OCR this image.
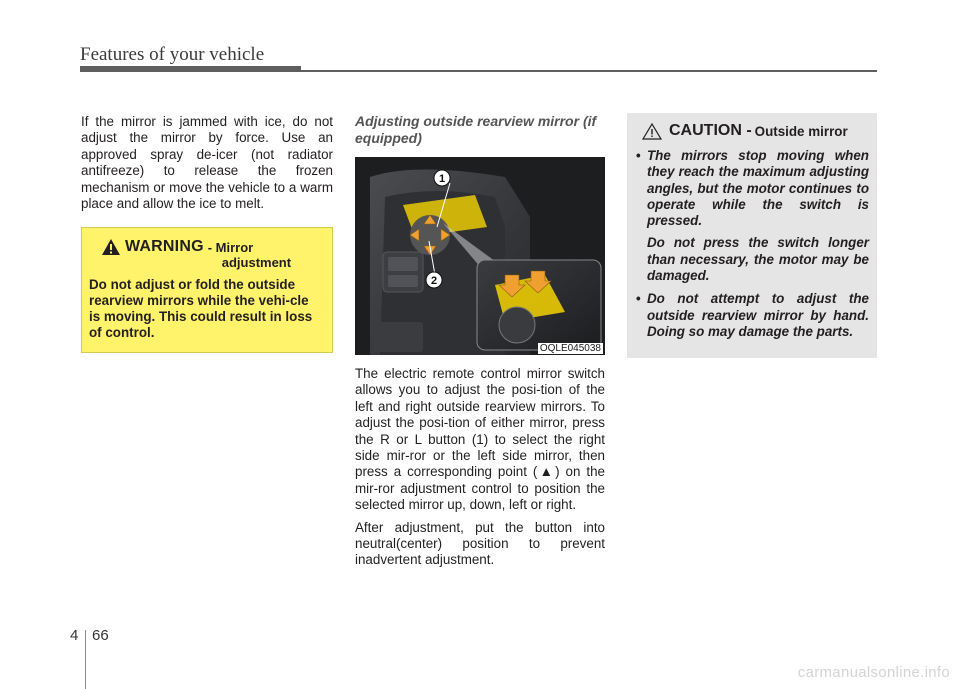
Features of your vehicle

If the mirror is jammed with ice, do not adjust the mirror by force. Use an approved spray de-icer (not radiator antifreeze) to release the frozen mechanism or move the vehicle to a warm place and allow the ice to melt.

WARNING - Mirror
adjustment
Do not adjust or fold the outside rearview mirrors while the vehi-cle is moving. This could result in loss of control.

Adjusting outside rearview mirror (if equipped)

1
2
OQLE045038

The electric remote control mirror switch allows you to adjust the posi-tion of the left and right outside rearview mirrors. To adjust the posi-tion of either mirror, press the R or L button (1) to select the right side mir-ror or the left side mirror, then press a corresponding point (▲) on the mir-ror adjustment control to position the selected mirror up, down, left or right.

After adjustment, put the button into neutral(center) position to prevent inadvertent adjustment.

CAUTION - Outside mirror
• The mirrors stop moving when they reach the maximum adjusting angles, but the motor continues to operate while the switch is pressed.

Do not press the switch longer than necessary, the motor may be damaged.

• Do not attempt to adjust the outside rearview mirror by hand. Doing so may damage the parts.

4 66
carmanualsonline.info
